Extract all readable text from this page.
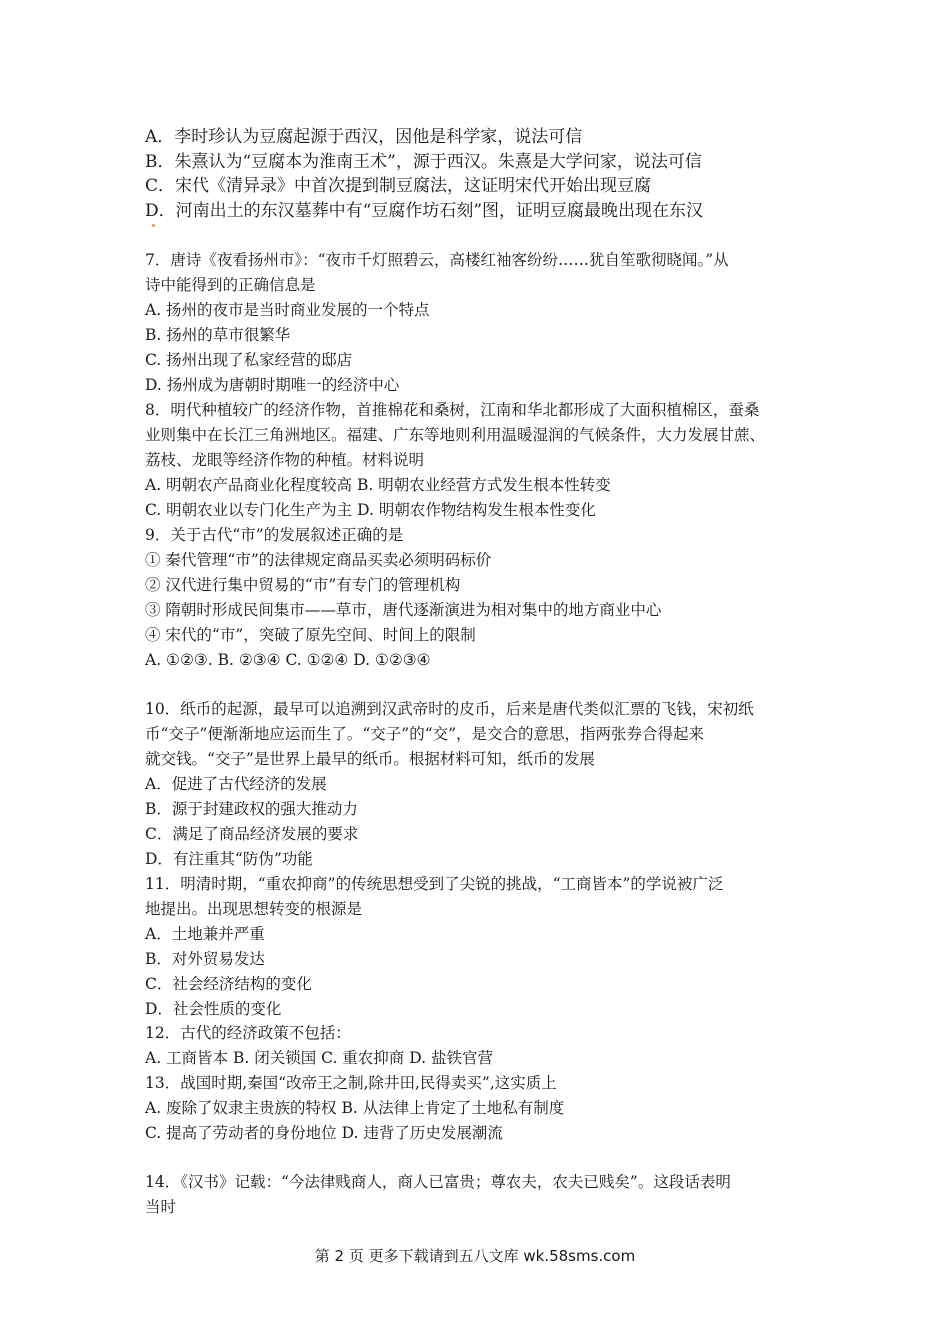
A．李时珍认为豆腐起源于西汉，因他是科学家，说法可信
B．朱熹认为“豆腐本为淮南王术”，源于西汉。朱熹是大学问家，说法可信
C．宋代《清异录》中首次提到制豆腐法，这证明宋代开始出现豆腐
D．河南出土的东汉墓葬中有“豆腐作坊石刻”图，证明豆腐最晚出现在东汉
7．唐诗《夜看扬州市》：“夜市千灯照碧云，高楼红袖客纷纷……犹自笙歌彻晓闻。”从
诗中能得到的正确信息是
A. 扬州的夜市是当时商业发展的一个特点
B. 扬州的草市很繁华
C. 扬州出现了私家经营的邸店
D. 扬州成为唐朝时期唯一的经济中心
8．明代种植较广的经济作物，首推棉花和桑树，江南和华北都形成了大面积植棉区，蚕桑
业则集中在长江三角洲地区。福建、广东等地则利用温暖湿润的气候条件，大力发展甘蔗、
荔枝、龙眼等经济作物的种植。材料说明
A. 明朝农产品商业化程度较高 B. 明朝农业经营方式发生根本性转变
C. 明朝农业以专门化生产为主 D. 明朝农作物结构发生根本性变化
9．关于古代“市”的发展叙述正确的是
① 秦代管理“市”的法律规定商品买卖必须明码标价
② 汉代进行集中贸易的“市”有专门的管理机构
③ 隋朝时形成民间集市——草市，唐代逐渐演进为相对集中的地方商业中心
④ 宋代的“市”，突破了原先空间、时间上的限制
A. ①②③. B. ②③④ C. ①②④ D. ①②③④
10．纸币的起源，最早可以追溯到汉武帝时的皮币，后来是唐代类似汇票的飞钱，宋初纸
币“交子”便渐渐地应运而生了。“交子”的“交”，是交合的意思，指两张券合得起来
就交钱。“交子”是世界上最早的纸币。根据材料可知，纸币的发展
A．促进了古代经济的发展
B．源于封建政权的强大推动力
C．满足了商品经济发展的要求
D．有注重其“防伪”功能
11．明清时期，“重农抑商”的传统思想受到了尖锐的挑战，“工商皆本”的学说被广泛
地提出。出现思想转变的根源是
A．土地兼并严重
B．对外贸易发达
C．社会经济结构的变化
D．社会性质的变化
12．古代的经济政策不包括：
A. 工商皆本 B. 闭关锁国 C. 重农抑商 D. 盐铁官营
13．战国时期,秦国“改帝王之制,除井田,民得卖买”,这实质上
A. 废除了奴隶主贵族的特权 B. 从法律上肯定了土地私有制度
C. 提高了劳动者的身份地位 D. 违背了历史发展潮流
14．《汉书》记载：“今法律贱商人，商人已富贵；尊农夫，农夫已贱矣”。这段话表明
当时
第 2 页 更多下载请到五八文库 wk.58sms.com
